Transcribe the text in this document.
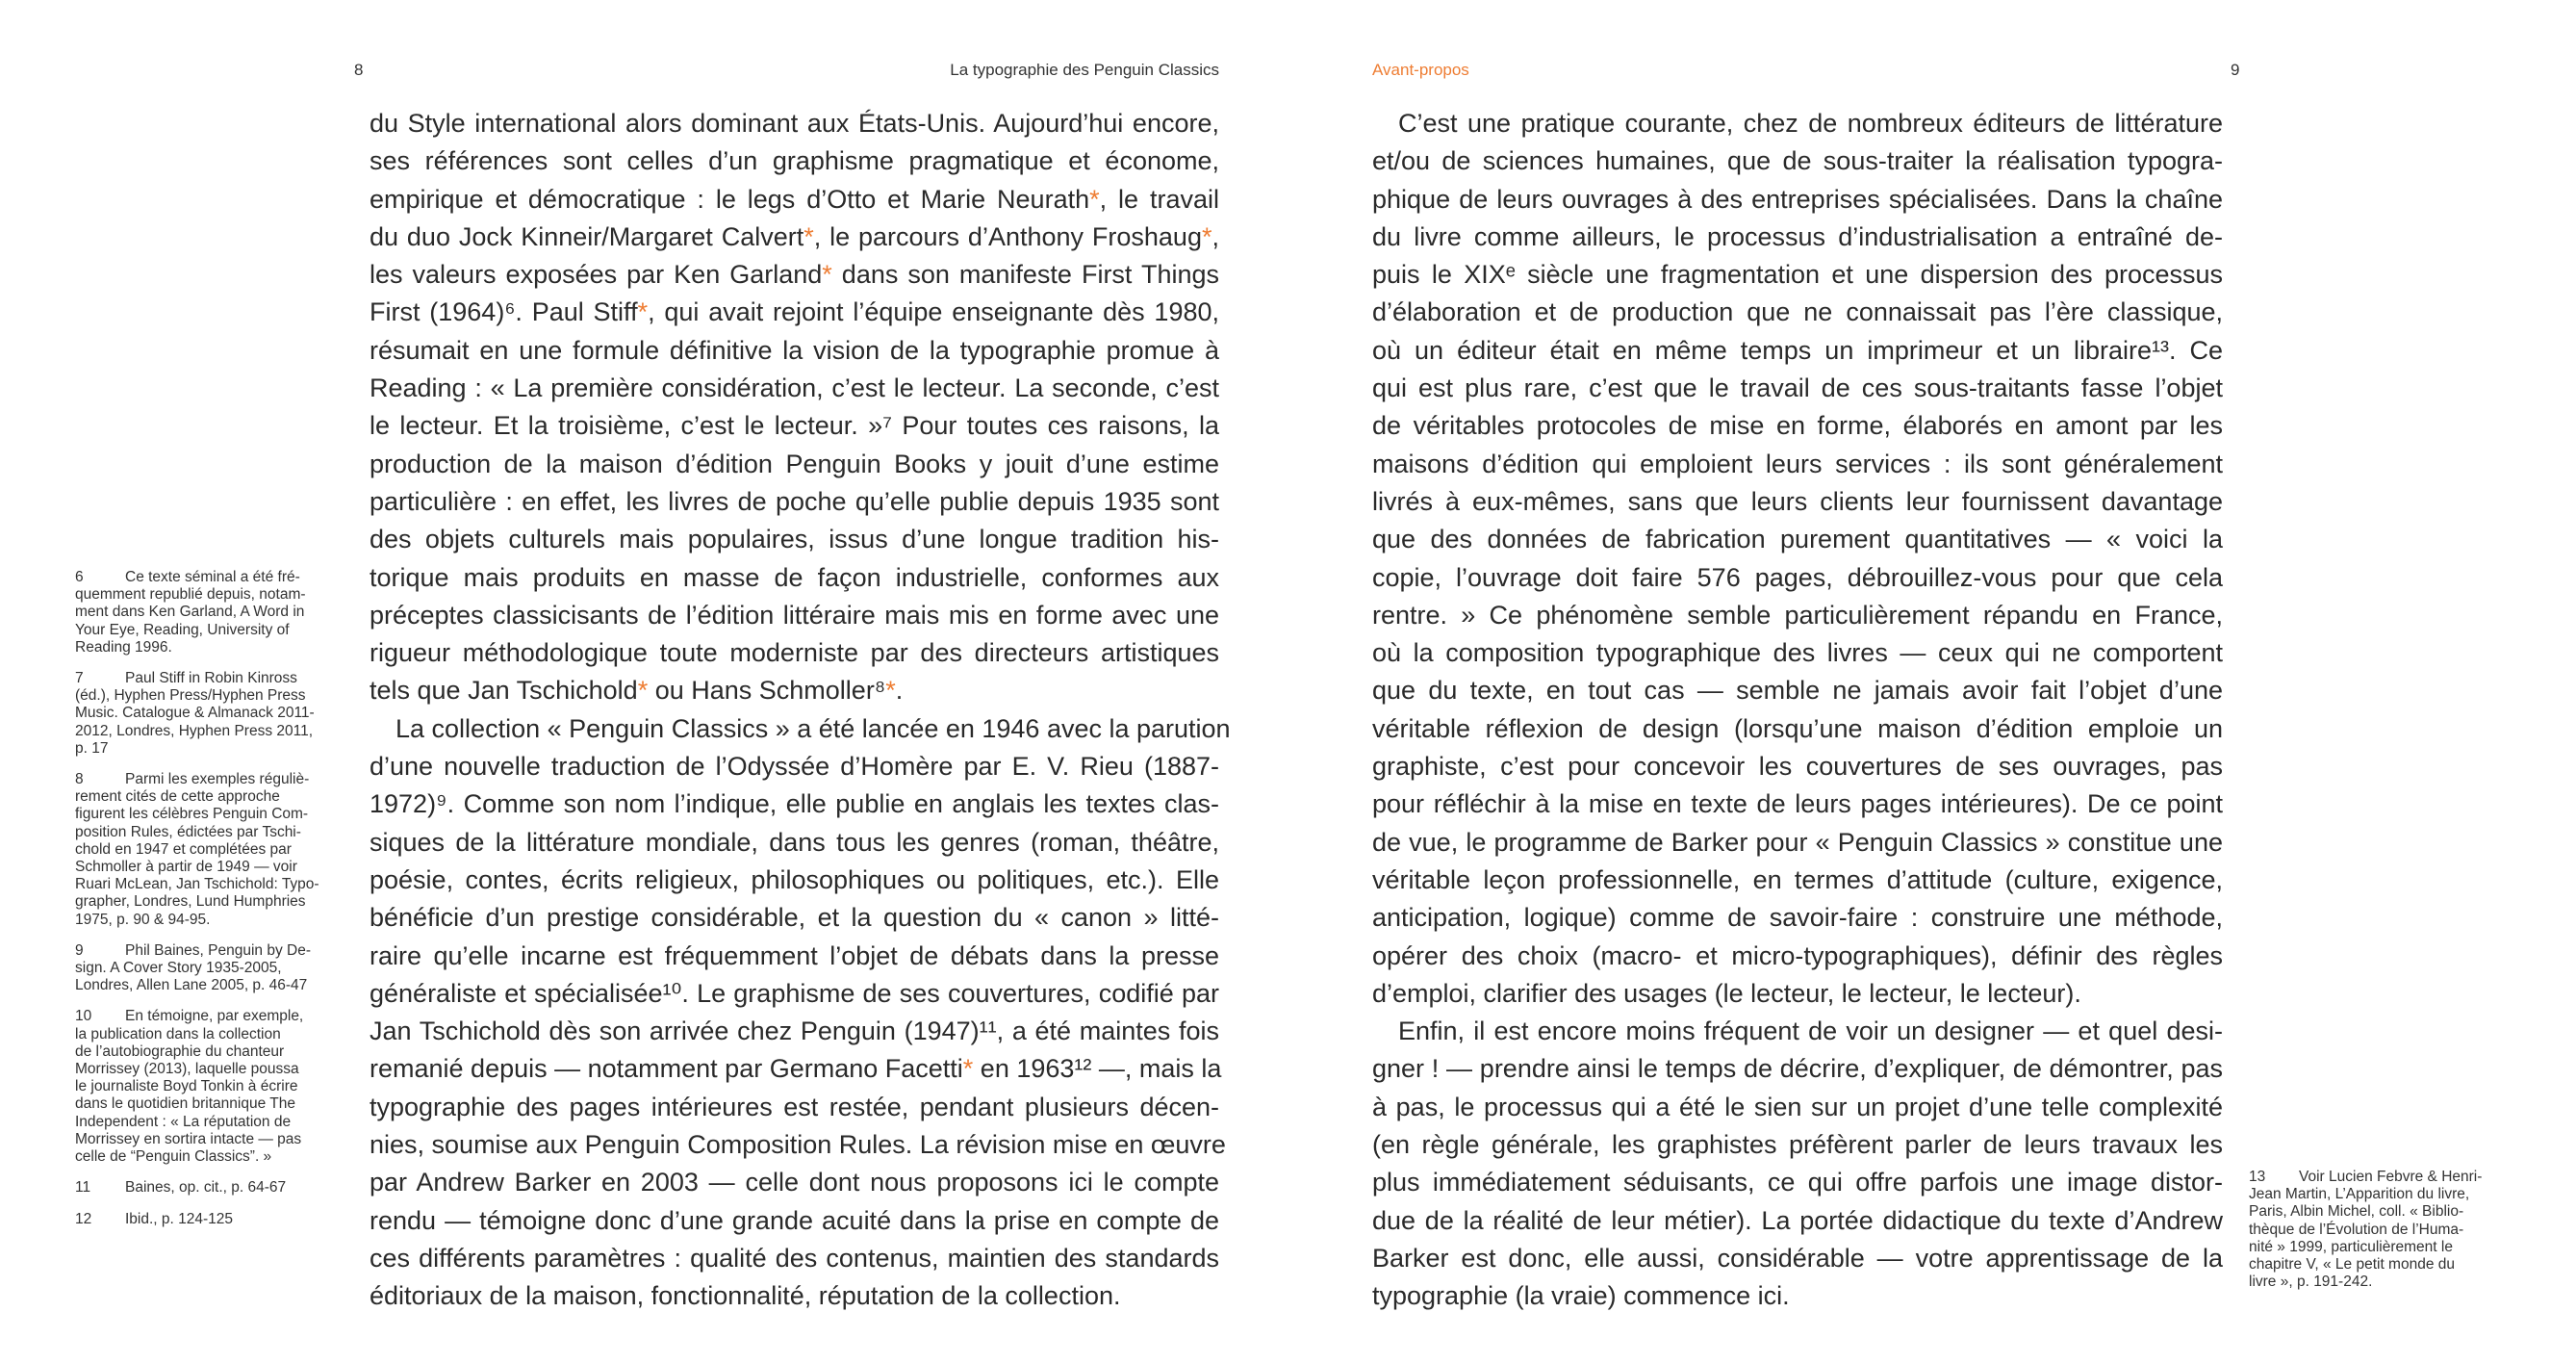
8	La typographie des Penguin Classics
du Style international alors dominant aux États-Unis. Aujourd’hui encore,
ses références sont celles d’un graphisme pragmatique et économe,
empirique et démocratique : le legs d’Otto et Marie Neurath*, le travail
du duo Jock Kinneir/Margaret Calvert*, le parcours d’Anthony Froshaug*,
les valeurs exposées par Ken Garland* dans son manifeste First Things
First (1964)⁶. Paul Stiff*, qui avait rejoint l’équipe enseignante dès 1980,
résumait en une formule définitive la vision de la typographie promue à
Reading : « La première considération, c’est le lecteur. La seconde, c’est
le lecteur. Et la troisième, c’est le lecteur. »⁷ Pour toutes ces raisons, la
production de la maison d’édition Penguin Books y jouit d’une estime
particulière : en effet, les livres de poche qu’elle publie depuis 1935 sont
des objets culturels mais populaires, issus d’une longue tradition his-
torique mais produits en masse de façon industrielle, conformes aux
préceptes classicisants de l’édition littéraire mais mis en forme avec une
rigueur méthodologique toute moderniste par des directeurs artistiques
tels que Jan Tschichold* ou Hans Schmoller⁸*.
La collection « Penguin Classics » a été lancée en 1946 avec la parution
d’une nouvelle traduction de l’Odyssée d’Homère par E. V. Rieu (1887-
1972)⁹. Comme son nom l’indique, elle publie en anglais les textes clas-
siques de la littérature mondiale, dans tous les genres (roman, théâtre,
poésie, contes, écrits religieux, philosophiques ou politiques, etc.). Elle
bénéficie d’un prestige considérable, et la question du « canon » litté-
raire qu’elle incarne est fréquemment l’objet de débats dans la presse
généraliste et spécialisée¹⁰. Le graphisme de ses couvertures, codifié par
Jan Tschichold dès son arrivée chez Penguin (1947)¹¹, a été maintes fois
remanié depuis — notamment par Germano Facetti* en 1963¹² —, mais la
typographie des pages intérieures est restée, pendant plusieurs décen-
nies, soumise aux Penguin Composition Rules. La révision mise en œuvre
par Andrew Barker en 2003 — celle dont nous proposons ici le compte
rendu — témoigne donc d’une grande acuité dans la prise en compte de
ces différents paramètres : qualité des contenus, maintien des standards
éditoriaux de la maison, fonctionnalité, réputation de la collection.
6	Ce texte séminal a été fré-
quemment republié depuis, notam-
ment dans Ken Garland, A Word in
Your Eye, Reading, University of
Reading 1996.
7	Paul Stiff in Robin Kinross
(éd.), Hyphen Press/Hyphen Press
Music. Catalogue & Almanack 2011-
2012, Londres, Hyphen Press 2011,
p. 17
8	Parmi les exemples réguliè-
rement cités de cette approche
figurent les célèbres Penguin Com-
position Rules, édictées par Tschi-
chold en 1947 et complétées par
Schmoller à partir de 1949 — voir
Ruari McLean, Jan Tschichold: Typo-
grapher, Londres, Lund Humphries
1975, p. 90 & 94-95.
9	Phil Baines, Penguin by De-
sign. A Cover Story 1935-2005,
Londres, Allen Lane 2005, p. 46-47
10 En témoigne, par exemple,
la publication dans la collection
de l’autobiographie du chanteur
Morrissey (2013), laquelle poussa
le journaliste Boyd Tonkin à écrire
dans le quotidien britannique The
Independent : « La réputation de
Morrissey en sortira intacte — pas
celle de “Penguin Classics”. »
11 Baines, op. cit., p. 64-67
12 Ibid., p. 124-125
Avant-propos	9
C’est une pratique courante, chez de nombreux éditeurs de littérature
et/ou de sciences humaines, que de sous-traiter la réalisation typogra-
phique de leurs ouvrages à des entreprises spécialisées. Dans la chaîne
du livre comme ailleurs, le processus d’industrialisation a entraîné de-
puis le XIXᵉ siècle une fragmentation et une dispersion des processus
d’élaboration et de production que ne connaissait pas l’ère classique,
où un éditeur était en même temps un imprimeur et un libraire¹³. Ce
qui est plus rare, c’est que le travail de ces sous-traitants fasse l’objet
de véritables protocoles de mise en forme, élaborés en amont par les
maisons d’édition qui emploient leurs services : ils sont généralement
livrés à eux-mêmes, sans que leurs clients leur fournissent davantage
que des données de fabrication purement quantitatives — « voici la
copie, l’ouvrage doit faire 576 pages, débrouillez-vous pour que cela
rentre. » Ce phénomène semble particulièrement répandu en France,
où la composition typographique des livres — ceux qui ne comportent
que du texte, en tout cas — semble ne jamais avoir fait l’objet d’une
véritable réflexion de design (lorsqu’une maison d’édition emploie un
graphiste, c’est pour concevoir les couvertures de ses ouvrages, pas
pour réfléchir à la mise en texte de leurs pages intérieures). De ce point
de vue, le programme de Barker pour « Penguin Classics » constitue une
véritable leçon professionnelle, en termes d’attitude (culture, exigence,
anticipation, logique) comme de savoir-faire : construire une méthode,
opérer des choix (macro- et micro-typographiques), définir des règles
d’emploi, clarifier des usages (le lecteur, le lecteur, le lecteur).
Enfin, il est encore moins fréquent de voir un designer — et quel desi-
gner ! — prendre ainsi le temps de décrire, d’expliquer, de démontrer, pas
à pas, le processus qui a été le sien sur un projet d’une telle complexité
(en règle générale, les graphistes préfèrent parler de leurs travaux les
plus immédiatement séduisants, ce qui offre parfois une image distor-
due de la réalité de leur métier). La portée didactique du texte d’Andrew
Barker est donc, elle aussi, considérable — votre apprentissage de la
typographie (la vraie) commence ici.
13 Voir Lucien Febvre & Henri-
Jean Martin, L’Apparition du livre,
Paris, Albin Michel, coll. « Biblio-
thèque de l’Évolution de l’Huma-
nité » 1999, particulièrement le
chapitre V, « Le petit monde du
livre », p. 191-242.
